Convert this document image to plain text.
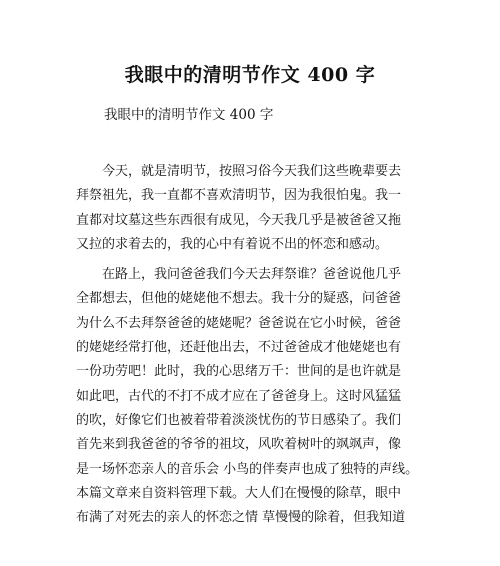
我眼中的清明节作文 400 字
我眼中的清明节作文 400 字
今天，就是清明节，按照习俗今天我们这些晚辈要去
拜祭祖先，我一直都不喜欢清明节，因为我很怕鬼。我一
直都对坟墓这些东西很有成见，今天我几乎是被爸爸又拖
又拉的求着去的，我的心中有着说不出的怀恋和感动。
在路上，我问爸爸我们今天去拜祭谁？爸爸说他几乎
全都想去，但他的姥姥他不想去。我十分的疑惑，问爸爸
为什么不去拜祭爸爸的姥姥呢？爸爸说在它小时候，爸爸
的姥姥经常打他，还赶他出去，不过爸爸成才他姥姥也有
一份功劳吧！此时，我的心思绪万千：世间的是也许就是
如此吧，古代的不打不成才应在了爸爸身上。这时风猛猛
的吹，好像它们也被着带着淡淡忧伤的节日感染了。我们
首先来到我爸爸的爷爷的祖坟，风吹着树叶的飒飒声，像
是一场怀恋亲人的音乐会 小鸟的伴奏声也成了独特的声线。
本篇文章来自资料管理下载。大人们在慢慢的除草，眼中
布满了对死去的亲人的怀恋之情 草慢慢的除着，但我知道
